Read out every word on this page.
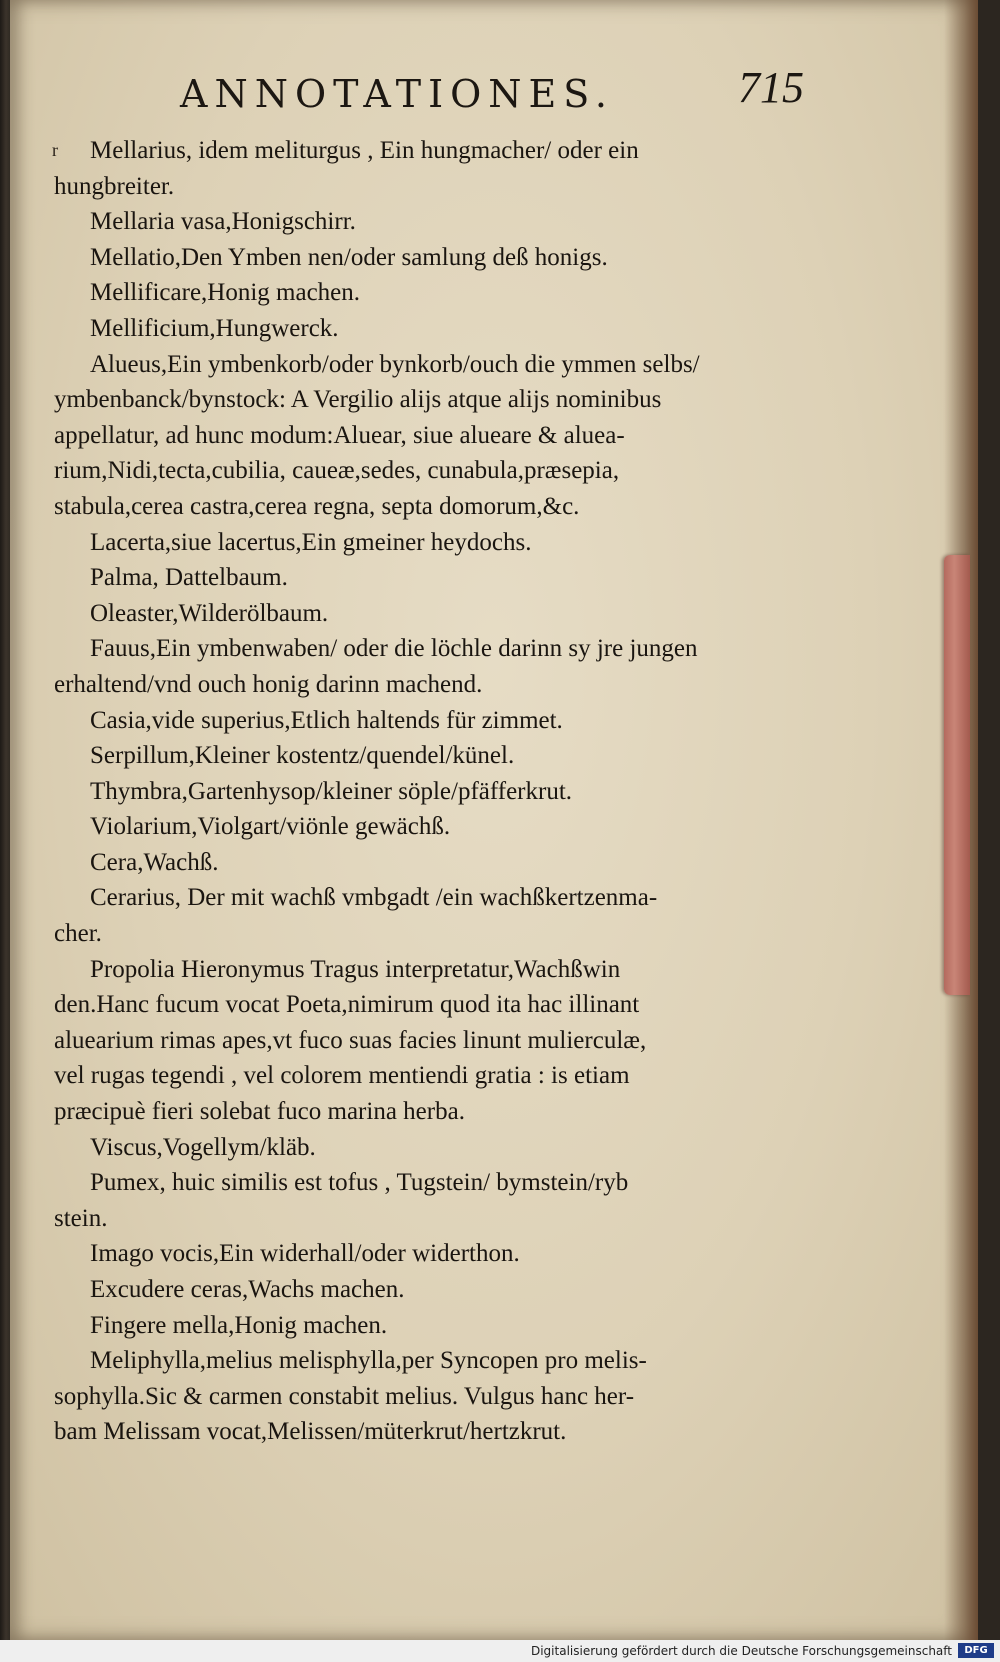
ANNOTATIONES.	715
r	Mellarius, idem meliturgus , Ein hungmacher/ oder ein
hungbreiter.
Mellaria vasa,Honigschirr.
Mellatio,Den Ymben nen/oder samlung deß honigs.
Mellificare,Honig machen.
Mellificium,Hungwerck.
Alueus,Ein ymbenkorb/oder bynkorb/ouch die ymmen selbs/
ymbenbanck/bynstock: A Vergilio alijs atque alijs nominibus
appellatur, ad hunc modum:Aluear, siue alueare & aluea-
rium,Nidi,tecta,cubilia, caueæ,sedes, cunabula,præsepia,
stabula,cerea castra,cerea regna, septa domorum,&c.
Lacerta,siue lacertus,Ein gmeiner heydochs.
Palma, Dattelbaum.
Oleaster,Wilderölbaum.
Fauus,Ein ymbenwaben/ oder die löchle darinn sy jre jungen
erhaltend/vnd ouch honig darinn machend.
Casia,vide superius,Etlich haltends für zimmet.
Serpillum,Kleiner kostentz/quendel/künel.
Thymbra,Gartenhysop/kleiner söple/pfäfferkrut.
Violarium,Violgart/viönle gewächß.
Cera,Wachß.
Cerarius, Der mit wachß vmbgadt /ein wachßkertzenma-
cher.
Propolia Hieronymus Tragus interpretatur,Wachßwin
den.Hanc fucum vocat Poeta,nimirum quod ita hac illinant
aluearium rimas apes,vt fuco suas facies linunt mulierculæ,
vel rugas tegendi , vel colorem mentiendi gratia : is etiam
præcipuè fieri solebat fuco marina herba.
Viscus,Vogellym/kläb.
Pumex, huic similis est tofus , Tugstein/ bymstein/ryb
stein.
Imago vocis,Ein widerhall/oder widerthon.
Excudere ceras,Wachs machen.
Fingere mella,Honig machen.
Meliphylla,melius melisphylla,per Syncopen pro melis-
sophylla.Sic & carmen constabit melius. Vulgus hanc her-
bam Melissam vocat,Melissen/müterkrut/hertzkrut.
Digitalisierung gefördert durch die Deutsche Forschungsgemeinschaft	DFG
